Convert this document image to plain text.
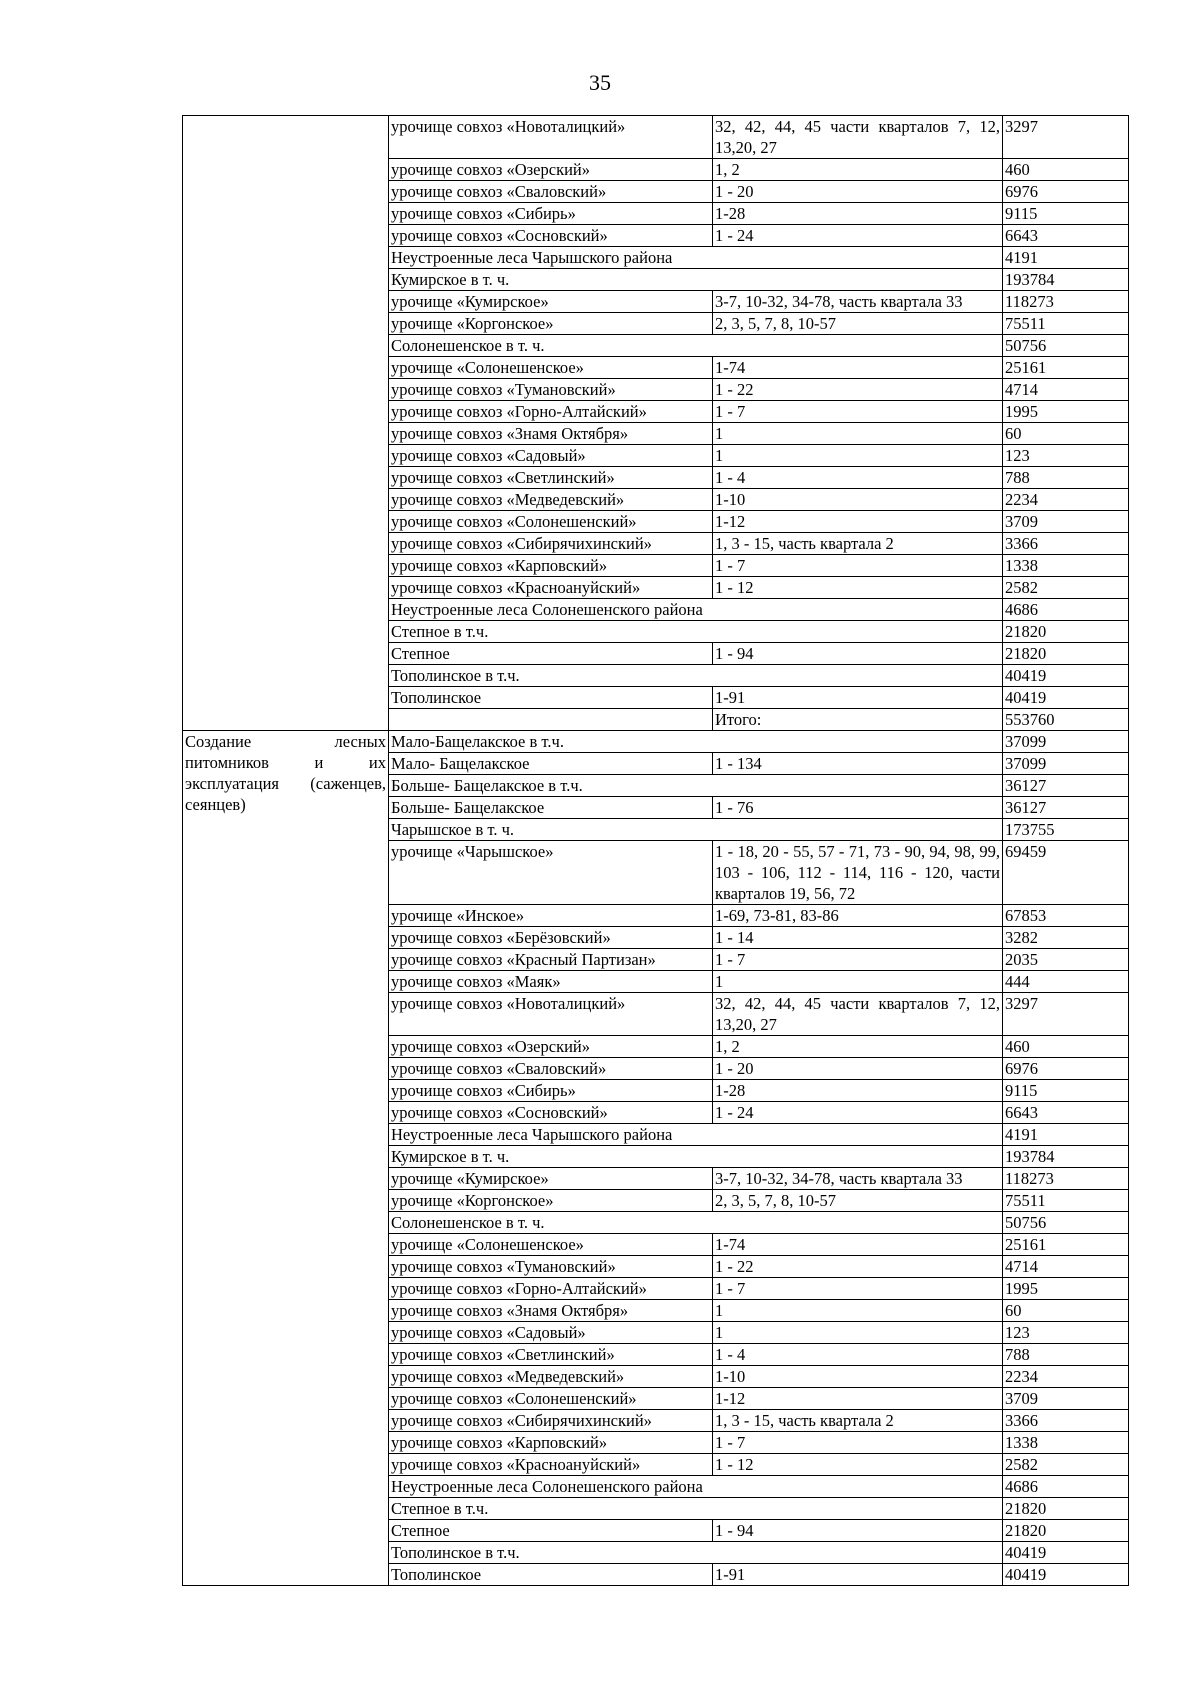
35
	урочище совхоз «Новоталицкий»	32, 42, 44, 45 части кварталов 7, 12, 13,20, 27	3297
	урочище совхоз «Озерский»	1, 2	460
	урочище совхоз «Сваловский»	1 - 20	6976
	урочище совхоз «Сибирь»	1-28	9115
	урочище совхоз «Сосновский»	1 - 24	6643
	Неустроенные леса Чарышского района		4191
	Кумирское в т. ч.		193784
	урочище «Кумирское»	3-7, 10-32, 34-78, часть квартала 33	118273
	урочище «Коргонское»	2, 3, 5, 7, 8, 10-57	75511
	Солонешенское в т. ч.		50756
	урочище «Солонешенское»	1-74	25161
	урочище совхоз «Тумановский»	1 - 22	4714
	урочище совхоз «Горно-Алтайский»	1 - 7	1995
	урочище совхоз «Знамя Октября»	1	60
	урочище совхоз «Садовый»	1	123
	урочище совхоз «Светлинский»	1 - 4	788
	урочище совхоз «Медведевский»	1-10	2234
	урочище совхоз «Солонешенский»	1-12	3709
	урочище совхоз «Сибирячихинский»	1, 3 - 15, часть квартала 2	3366
	урочище совхоз «Карповский»	1 - 7	1338
	урочище совхоз «Красноануйский»	1 - 12	2582
	Неустроенные леса Солонешенского района		4686
	Степное в т.ч.		21820
	Степное	1 - 94	21820
	Тополинское в т.ч.		40419
	Тополинское	1-91	40419
		Итого:	553760

Создание лесных питомников и их эксплуатация (саженцев, сеянцев)	Мало-Бащелакское в т.ч.		37099
	Мало- Бащелакское	1 - 134	37099
	Больше- Бащелакское в т.ч.		36127
	Больше- Бащелакское	1 - 76	36127
	Чарышское в т. ч.		173755
	урочище «Чарышское»	1 - 18, 20 - 55, 57 - 71, 73 - 90, 94, 98, 99, 103 - 106, 112 - 114, 116 - 120, части кварталов 19, 56, 72	69459
	урочище «Инское»	1-69, 73-81, 83-86	67853
	урочище совхоз «Берёзовский»	1 - 14	3282
	урочище совхоз «Красный Партизан»	1 - 7	2035
	урочище совхоз «Маяк»	1	444
	урочище совхоз «Новоталицкий»	32, 42, 44, 45 части кварталов 7, 12, 13,20, 27	3297
	урочище совхоз «Озерский»	1, 2	460
	урочище совхоз «Сваловский»	1 - 20	6976
	урочище совхоз «Сибирь»	1-28	9115
	урочище совхоз «Сосновский»	1 - 24	6643
	Неустроенные леса Чарышского района		4191
	Кумирское в т. ч.		193784
	урочище «Кумирское»	3-7, 10-32, 34-78, часть квартала 33	118273
	урочище «Коргонское»	2, 3, 5, 7, 8, 10-57	75511
	Солонешенское в т. ч.		50756
	урочище «Солонешенское»	1-74	25161
	урочище совхоз «Тумановский»	1 - 22	4714
	урочище совхоз «Горно-Алтайский»	1 - 7	1995
	урочище совхоз «Знамя Октября»	1	60
	урочище совхоз «Садовый»	1	123
	урочище совхоз «Светлинский»	1 - 4	788
	урочище совхоз «Медведевский»	1-10	2234
	урочище совхоз «Солонешенский»	1-12	3709
	урочище совхоз «Сибирячихинский»	1, 3 - 15, часть квартала 2	3366
	урочище совхоз «Карповский»	1 - 7	1338
	урочище совхоз «Красноануйский»	1 - 12	2582
	Неустроенные леса Солонешенского района		4686
	Степное в т.ч.		21820
	Степное	1 - 94	21820
	Тополинское в т.ч.		40419
	Тополинское	1-91	40419
